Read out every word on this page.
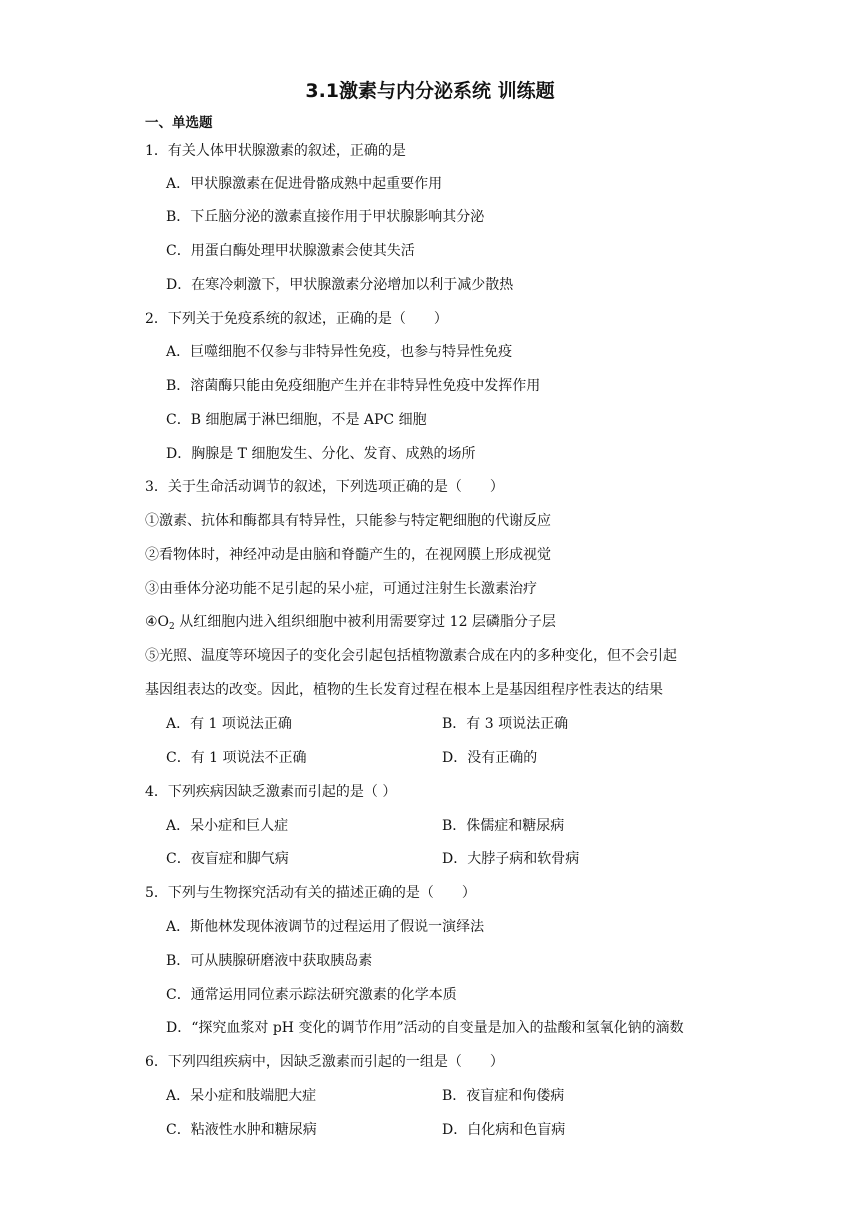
3.1激素与内分泌系统 训练题
一、单选题
1．有关人体甲状腺激素的叙述，正确的是
A．甲状腺激素在促进骨骼成熟中起重要作用
B．下丘脑分泌的激素直接作用于甲状腺影响其分泌
C．用蛋白酶处理甲状腺激素会使其失活
D．在寒冷刺激下，甲状腺激素分泌增加以利于减少散热
2．下列关于免疫系统的叙述，正确的是（　　）
A．巨噬细胞不仅参与非特异性免疫，也参与特异性免疫
B．溶菌酶只能由免疫细胞产生并在非特异性免疫中发挥作用
C．B 细胞属于淋巴细胞，不是 APC 细胞
D．胸腺是 T 细胞发生、分化、发育、成熟的场所
3．关于生命活动调节的叙述，下列选项正确的是（　　）
①激素、抗体和酶都具有特异性，只能参与特定靶细胞的代谢反应
②看物体时，神经冲动是由脑和脊髓产生的，在视网膜上形成视觉
③由垂体分泌功能不足引起的呆小症，可通过注射生长激素治疗
$④O_2$ 从红细胞内进入组织细胞中被利用需要穿过 12 层磷脂分子层
⑤光照、温度等环境因子的变化会引起包括植物激素合成在内的多种变化，但不会引起
基因组表达的改变。因此，植物的生长发育过程在根本上是基因组程序性表达的结果
A．有 1 项说法正确	B．有 3 项说法正确
C．有 1 项说法不正确	D．没有正确的
4．下列疾病因缺乏激素而引起的是（ ）
A．呆小症和巨人症	B．侏儒症和糖尿病
C．夜盲症和脚气病	D．大脖子病和软骨病
5．下列与生物探究活动有关的描述正确的是（　　）
A．斯他林发现体液调节的过程运用了假说一演绎法
B．可从胰腺研磨液中获取胰岛素
C．通常运用同位素示踪法研究激素的化学本质
D．“探究血浆对 pH 变化的调节作用”活动的自变量是加入的盐酸和氢氧化钠的滴数
6．下列四组疾病中，因缺乏激素而引起的一组是（　　）
A．呆小症和肢端肥大症	B．夜盲症和佝偻病
C．粘液性水肿和糖尿病	D．白化病和色盲病
